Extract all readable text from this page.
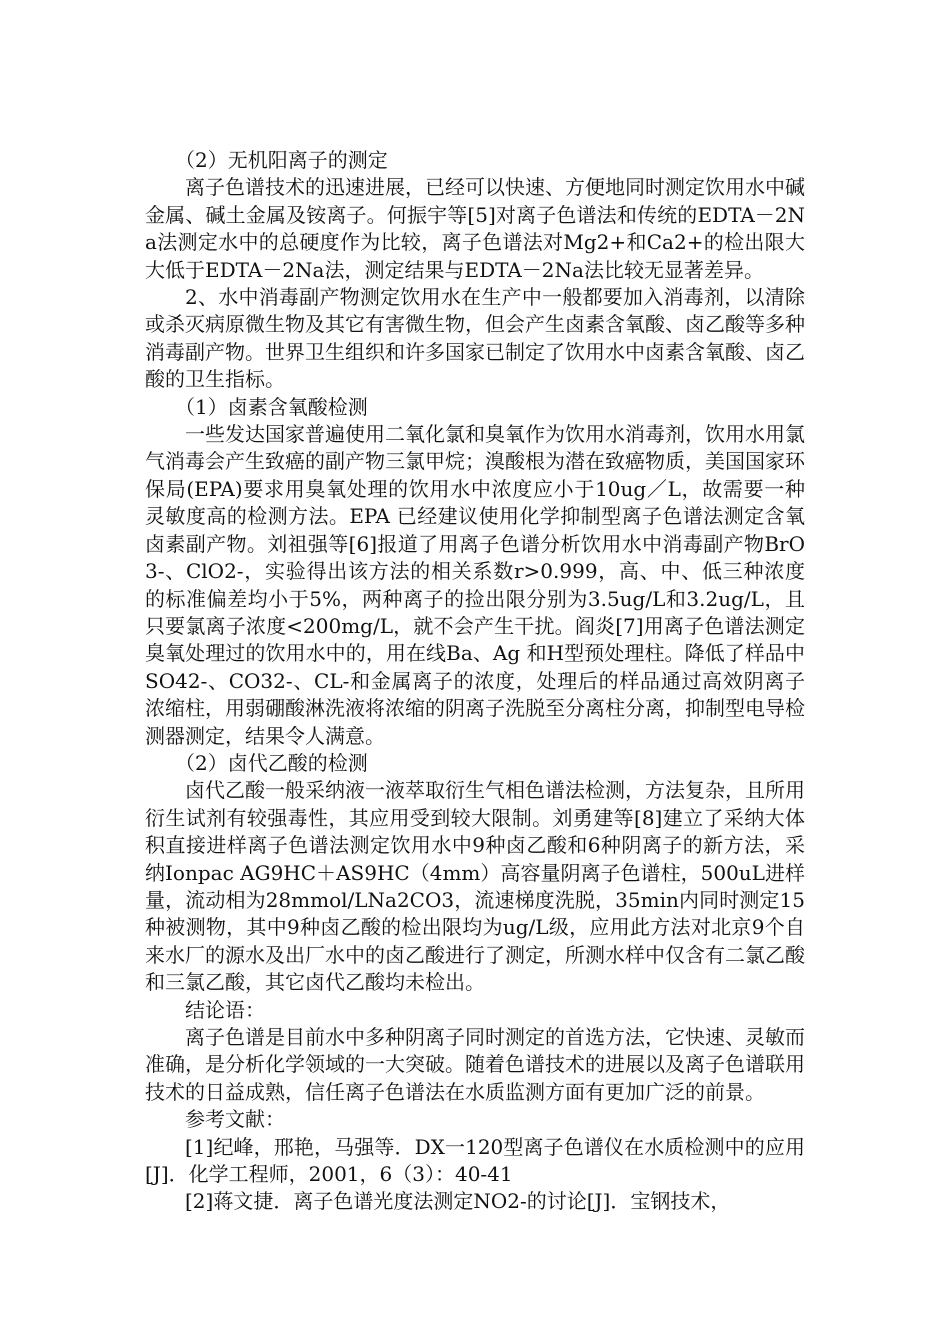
（2）无机阳离子的测定

离子色谱技术的迅速进展，已经可以快速、方便地同时测定饮用水中碱金属、碱土金属及铵离子。何振宇等[5]对离子色谱法和传统的EDTA－2Na法测定水中的总硬度作为比较，离子色谱法对Mg2+和Ca2+的检出限大大低于EDTA－2Na法，测定结果与EDTA－2Na法比较无显著差异。

2、水中消毒副产物测定饮用水在生产中一般都要加入消毒剂，以清除或杀灭病原微生物及其它有害微生物，但会产生卤素含氧酸、卤乙酸等多种消毒副产物。世界卫生组织和许多国家已制定了饮用水中卤素含氧酸、卤乙酸的卫生指标。

（1）卤素含氧酸检测

一些发达国家普遍使用二氧化氯和臭氧作为饮用水消毒剂，饮用水用氯气消毒会产生致癌的副产物三氯甲烷；溴酸根为潜在致癌物质，美国国家环保局(EPA)要求用臭氧处理的饮用水中浓度应小于10ug／L，故需要一种灵敏度高的检测方法。EPA 已经建议使用化学抑制型离子色谱法测定含氧卤素副产物。刘祖强等[6]报道了用离子色谱分析饮用水中消毒副产物BrO3-、ClO2-，实验得出该方法的相关系数r>0.999，高、中、低三种浓度的标准偏差均小于5%，两种离子的捡出限分别为3.5ug/L和3.2ug/L，且只要氯离子浓度<200mg/L，就不会产生干扰。阎炎[7]用离子色谱法测定臭氧处理过的饮用水中的，用在线Ba、Ag 和H型预处理柱。降低了样品中SO42-、CO32-、CL-和金属离子的浓度，处理后的样品通过高效阴离子浓缩柱，用弱硼酸淋洗液将浓缩的阴离子洗脱至分离柱分离，抑制型电导检测器测定，结果令人满意。

（2）卤代乙酸的检测

卤代乙酸一般采纳液一液萃取衍生气相色谱法检测，方法复杂，且所用衍生试剂有较强毒性，其应用受到较大限制。刘勇建等[8]建立了采纳大体积直接进样离子色谱法测定饮用水中9种卤乙酸和6种阴离子的新方法，采纳Ionpac AG9HC＋AS9HC（4mm）高容量阴离子色谱柱，500uL进样量，流动相为28mmol/LNa2CO3，流速梯度洗脱，35min内同时测定15种被测物，其中9种卤乙酸的检出限均为ug/L级，应用此方法对北京9个自来水厂的源水及出厂水中的卤乙酸进行了测定，所测水样中仅含有二氯乙酸和三氯乙酸，其它卤代乙酸均未检出。

结论语：

离子色谱是目前水中多种阴离子同时测定的首选方法，它快速、灵敏而准确，是分析化学领域的一大突破。随着色谱技术的进展以及离子色谱联用技术的日益成熟，信任离子色谱法在水质监测方面有更加广泛的前景。

参考文献：

[1]纪峰，邢艳，马强等．DX一120型离子色谱仪在水质检测中的应用[J]．化学工程师，2001，6（3）：40-41

[2]蒋文捷．离子色谱光度法测定NO2-的讨论[J]．宝钢技术，
